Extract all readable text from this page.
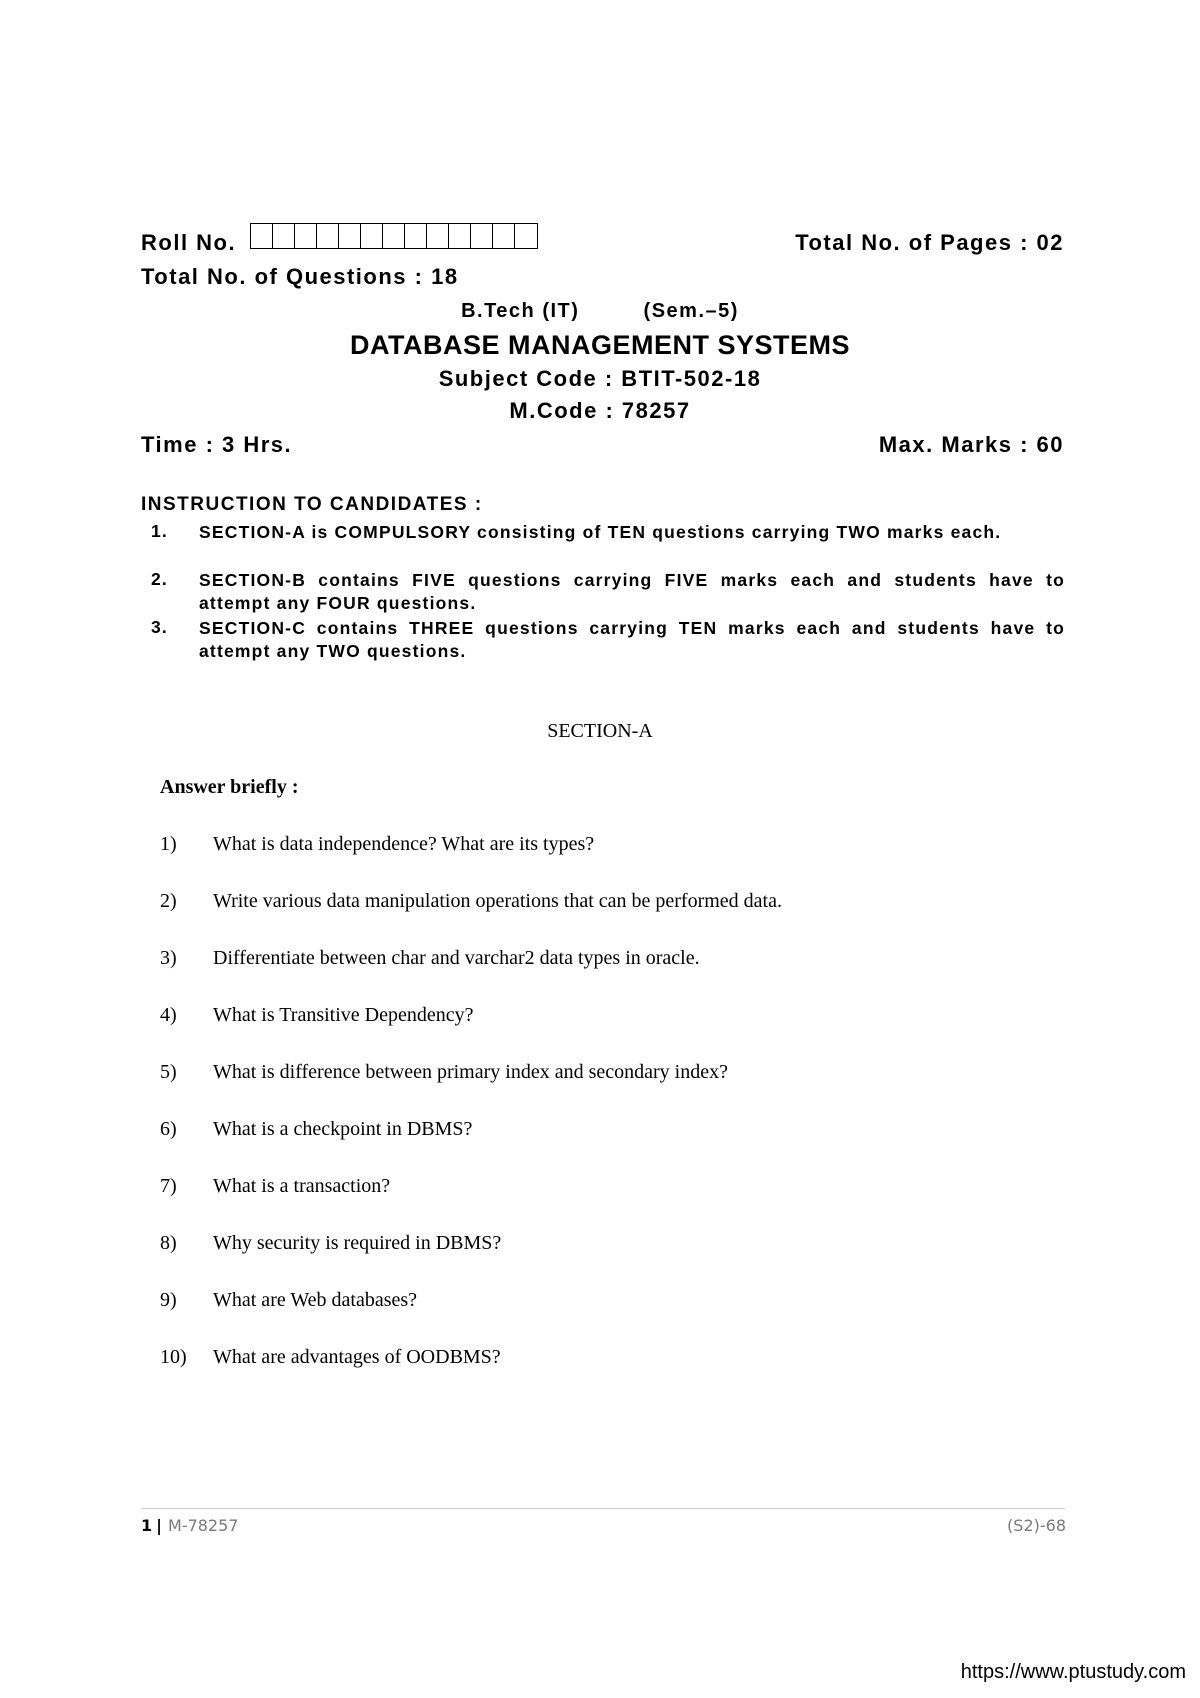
Roll No.	Total No. of Pages : 02
Total No. of Questions : 18
B.Tech (IT)	(Sem.–5)
DATABASE MANAGEMENT SYSTEMS
Subject Code : BTIT-502-18
M.Code : 78257
Time : 3 Hrs.	Max. Marks : 60
INSTRUCTION TO CANDIDATES :
1. SECTION-A is COMPULSORY consisting of TEN questions carrying TWO marks each.
2. SECTION-B contains FIVE questions carrying FIVE marks each and students have to attempt any FOUR questions.
3. SECTION-C contains THREE questions carrying TEN marks each and students have to attempt any TWO questions.
SECTION-A
Answer briefly :
1) What is data independence? What are its types?
2) Write various data manipulation operations that can be performed data.
3) Differentiate between char and varchar2 data types in oracle.
4) What is Transitive Dependency?
5) What is difference between primary index and secondary index?
6) What is a checkpoint in DBMS?
7) What is a transaction?
8) Why security is required in DBMS?
9) What are Web databases?
10) What are advantages of OODBMS?
1 | M-78257	(S2)-68
https://www.ptustudy.com
